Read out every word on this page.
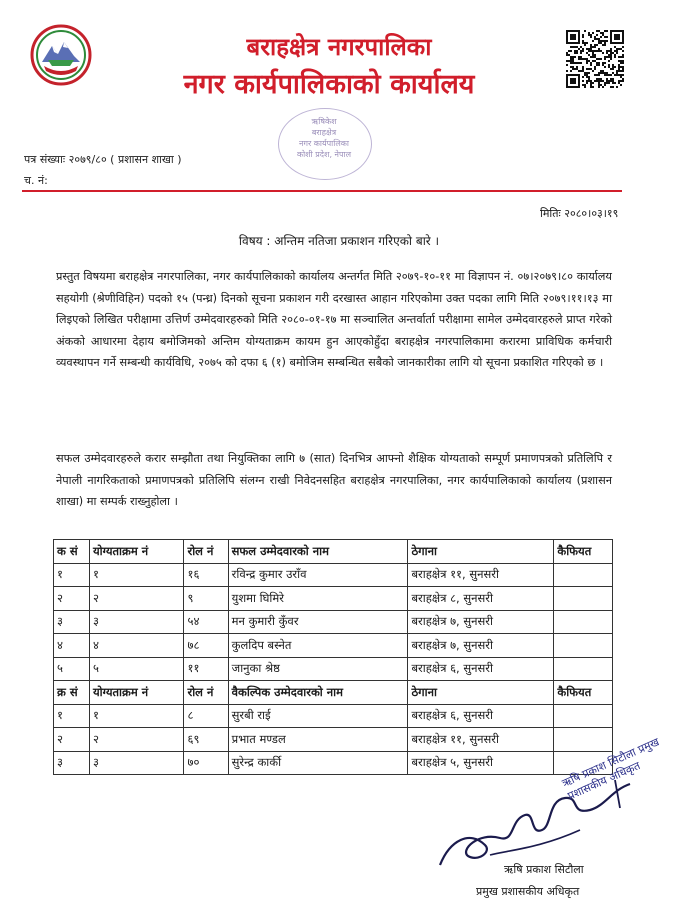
बराहक्षेत्र नगरपालिका
नगर कार्यपालिकाको कार्यालय
ऋषिकेश
बराहक्षेत्र
नगर कार्यपालिका
कोशी प्रदेश, नेपाल
पत्र संख्याः २०७९/८० ( प्रशासन शाखा )
च. नं:
मितिः २०८०।०३।१९
विषय : अन्तिम नतिजा प्रकाशन गरिएको बारे ।
प्रस्तुत विषयमा बराहक्षेत्र नगरपालिका, नगर कार्यपालिकाको कार्यालय अन्तर्गत मिति २०७९-१०-११ मा विज्ञापन नं. ०७।२०७९।८० कार्यालय सहयोगी (श्रेणीविहिन) पदको १५ (पन्ध्र) दिनको सूचना प्रकाशन गरी दरखास्त आहान गरिएकोमा उक्त पदका लागि मिति २०७९।११।१३ मा लिइएको लिखित परीक्षामा उत्तिर्ण उम्मेदवारहरुको मिति २०८०-०१-१७ मा सञ्चालित अन्तर्वार्ता परीक्षामा सामेल उम्मेदवारहरुले प्राप्त गरेको अंकको आधारमा देहाय बमोजिमको अन्तिम योग्यताक्रम कायम हुन आएकोहुँदा बराहक्षेत्र नगरपालिकामा करारमा प्राविधिक कर्मचारी व्यवस्थापन गर्ने सम्बन्धी कार्यविधि, २०७५ को दफा ६ (१) बमोजिम सम्बन्धित सबैको जानकारीका लागि यो सूचना प्रकाशित गरिएको छ ।
सफल उम्मेदवारहरुले करार सम्झौता तथा नियुक्तिका लागि ७ (सात) दिनभित्र आफ्नो शैक्षिक योग्यताको सम्पूर्ण प्रमाणपत्रको प्रतिलिपि र नेपाली नागरिकताको प्रमाणपत्रको प्रतिलिपि संलग्न राखी निवेदनसहित बराहक्षेत्र नगरपालिका, नगर कार्यपालिकाको कार्यालय (प्रशासन शाखा) मा सम्पर्क राख्नुहोला ।
क सं	योग्यताक्रम नं	रोल नं	सफल उम्मेदवारको नाम	ठेगाना	कैफियत
१	१	१६	रविन्द्र कुमार उराँव	बराहक्षेत्र ११, सुनसरी	
२	२	९	युशमा घिमिरे	बराहक्षेत्र ८, सुनसरी	
३	३	५४	मन कुमारी कुँवर	बराहक्षेत्र ७, सुनसरी	
४	४	७८	कुलदिप बस्नेत	बराहक्षेत्र ७, सुनसरी	
५	५	११	जानुका श्रेष्ठ	बराहक्षेत्र ६, सुनसरी	
क्र सं	योग्यताक्रम नं	रोल नं	वैकल्पिक उम्मेदवारको नाम	ठेगाना	कैफियत
१	१	८	सुरबी राई	बराहक्षेत्र ६, सुनसरी	
२	२	६९	प्रभात मण्डल	बराहक्षेत्र ११, सुनसरी	
३	३	७०	सुरेन्द्र कार्की	बराहक्षेत्र ५, सुनसरी		ऋषि प्रकाश सिटौला प्रमुख प्रशासकीय अधिकृत
ऋषि प्रकाश सिटौला
प्रमुख प्रशासकीय अधिकृत
